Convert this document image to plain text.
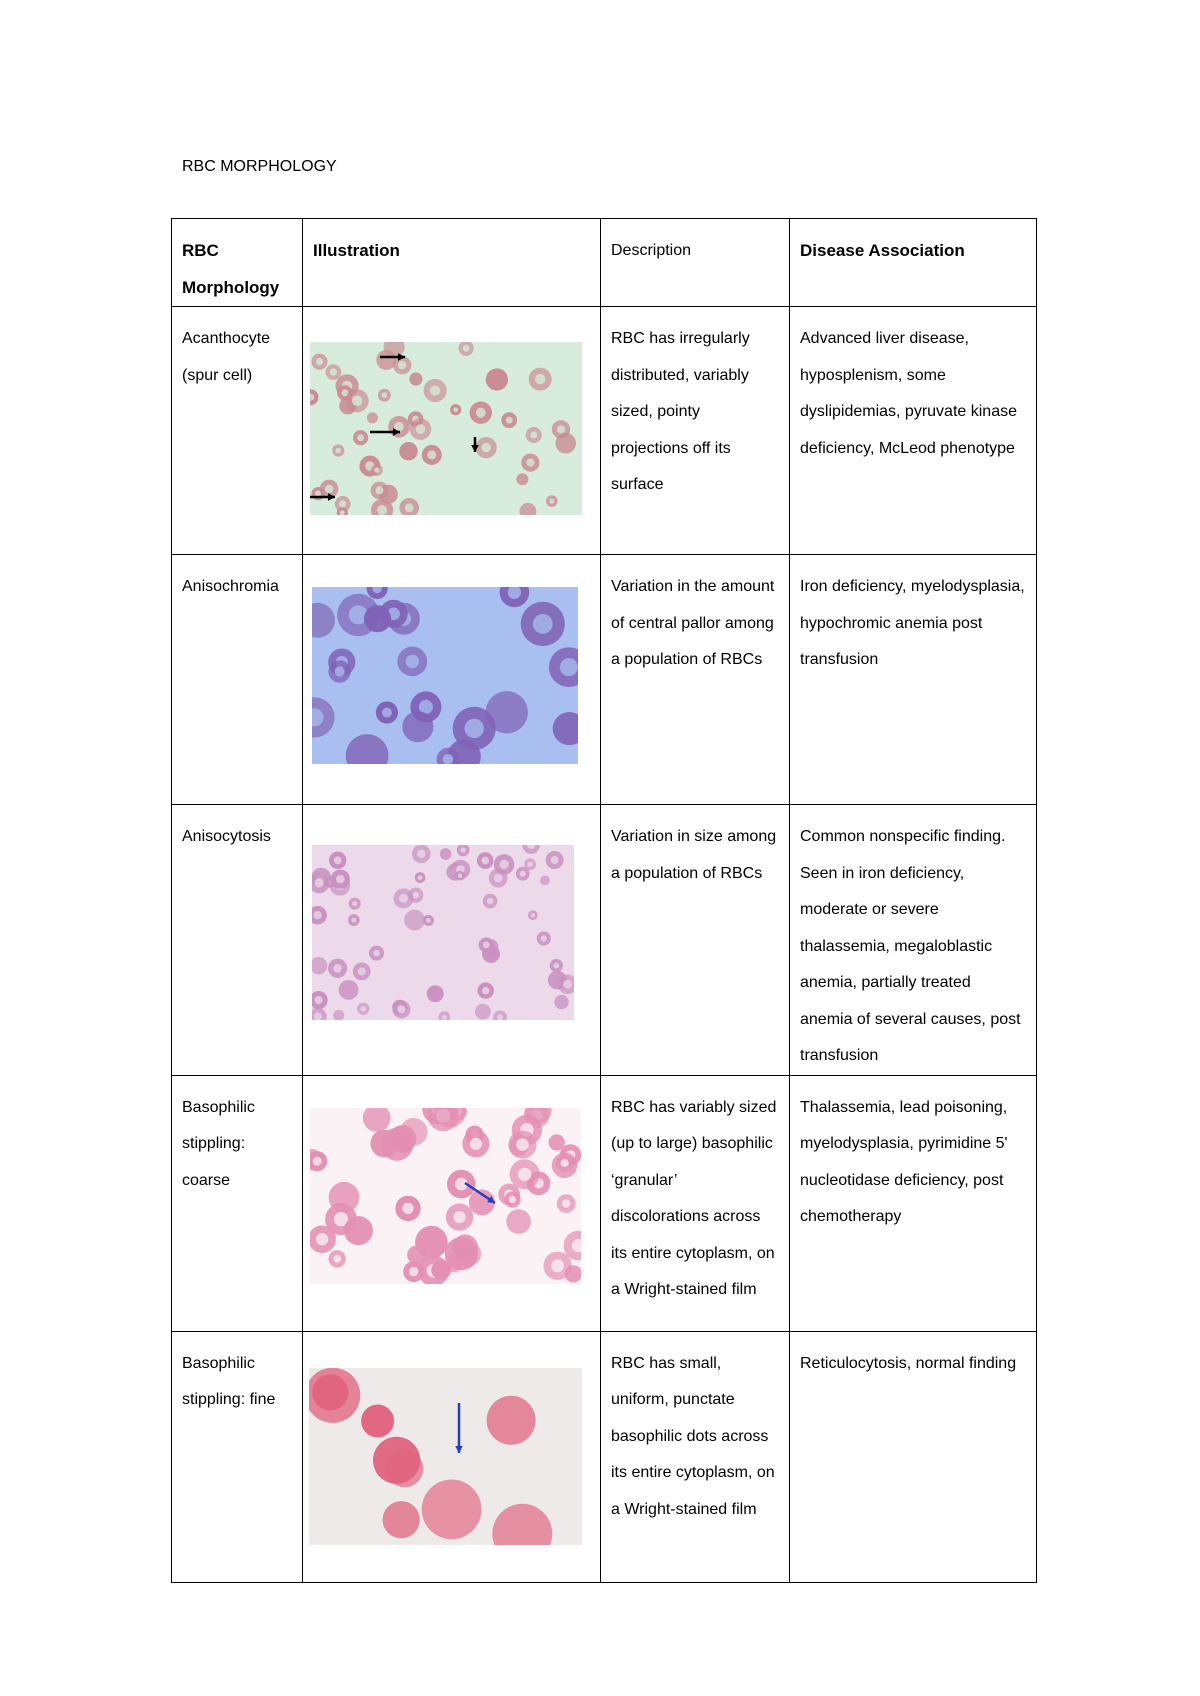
RBC MORPHOLOGY
RBC Morphology	Illustration	Description	Disease Association
Acanthocyte (spur cell)		RBC has irregularly distributed, variably sized, pointy projections off its surface	Advanced liver disease, hyposplenism, some dyslipidemias, pyruvate kinase deficiency, McLeod phenotype
Anisochromia		Variation in the amount of central pallor among a population of RBCs	Iron deficiency, myelodysplasia, hypochromic anemia post transfusion
Anisocytosis		Variation in size among a population of RBCs	Common nonspecific finding. Seen in iron deficiency, moderate or severe thalassemia, megaloblastic anemia, partially treated anemia of several causes, post transfusion
Basophilic stippling: coarse		RBC has variably sized (up to large) basophilic ‘granular’ discolorations across its entire cytoplasm, on a Wright-stained film	Thalassemia, lead poisoning, myelodysplasia, pyrimidine 5' nucleotidase deficiency, post chemotherapy
Basophilic stippling: fine		RBC has small, uniform, punctate basophilic dots across its entire cytoplasm, on a Wright-stained film	Reticulocytosis, normal finding
